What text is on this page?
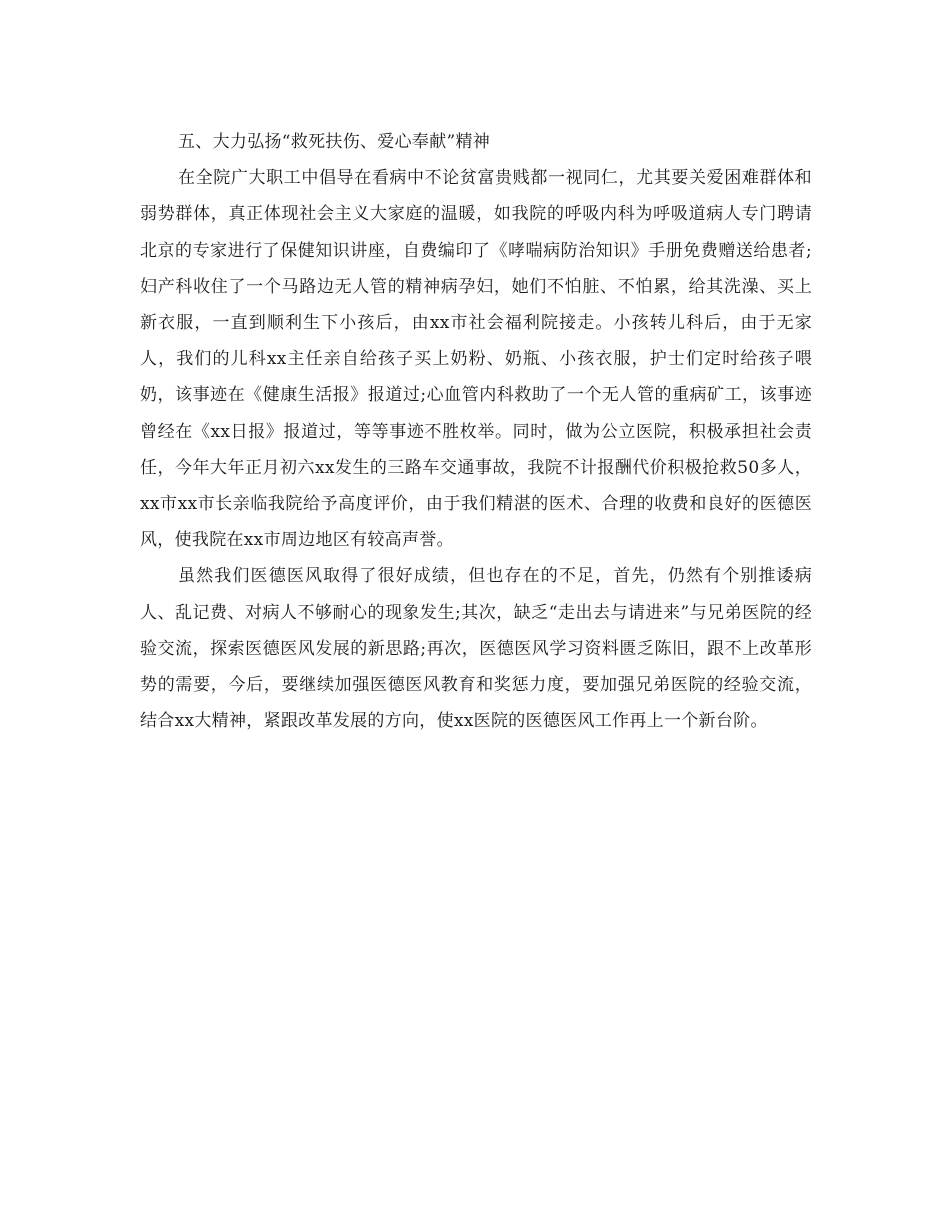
五、大力弘扬“救死扶伤、爱心奉献”精神

在全院广大职工中倡导在看病中不论贫富贵贱都一视同仁，尤其要关爱困难群体和弱势群体，真正体现社会主义大家庭的温暖，如我院的呼吸内科为呼吸道病人专门聘请北京的专家进行了保健知识讲座，自费编印了《哮喘病防治知识》手册免费赠送给患者;妇产科收住了一个马路边无人管的精神病孕妇，她们不怕脏、不怕累，给其洗澡、买上新衣服，一直到顺利生下小孩后，由xx市社会福利院接走。小孩转儿科后，由于无家人，我们的儿科xx主任亲自给孩子买上奶粉、奶瓶、小孩衣服，护士们定时给孩子喂奶，该事迹在《健康生活报》报道过;心血管内科救助了一个无人管的重病矿工，该事迹曾经在《xx日报》报道过，等等事迹不胜枚举。同时，做为公立医院，积极承担社会责任，今年大年正月初六xx发生的三路车交通事故，我院不计报酬代价积极抢救50多人，xx市xx市长亲临我院给予高度评价，由于我们精湛的医术、合理的收费和良好的医德医风，使我院在xx市周边地区有较高声誉。

虽然我们医德医风取得了很好成绩，但也存在的不足，首先，仍然有个别推诿病人、乱记费、对病人不够耐心的现象发生;其次，缺乏“走出去与请进来”与兄弟医院的经验交流，探索医德医风发展的新思路;再次，医德医风学习资料匮乏陈旧，跟不上改革形势的需要，今后，要继续加强医德医风教育和奖惩力度，要加强兄弟医院的经验交流，结合xx大精神，紧跟改革发展的方向，使xx医院的医德医风工作再上一个新台阶。
